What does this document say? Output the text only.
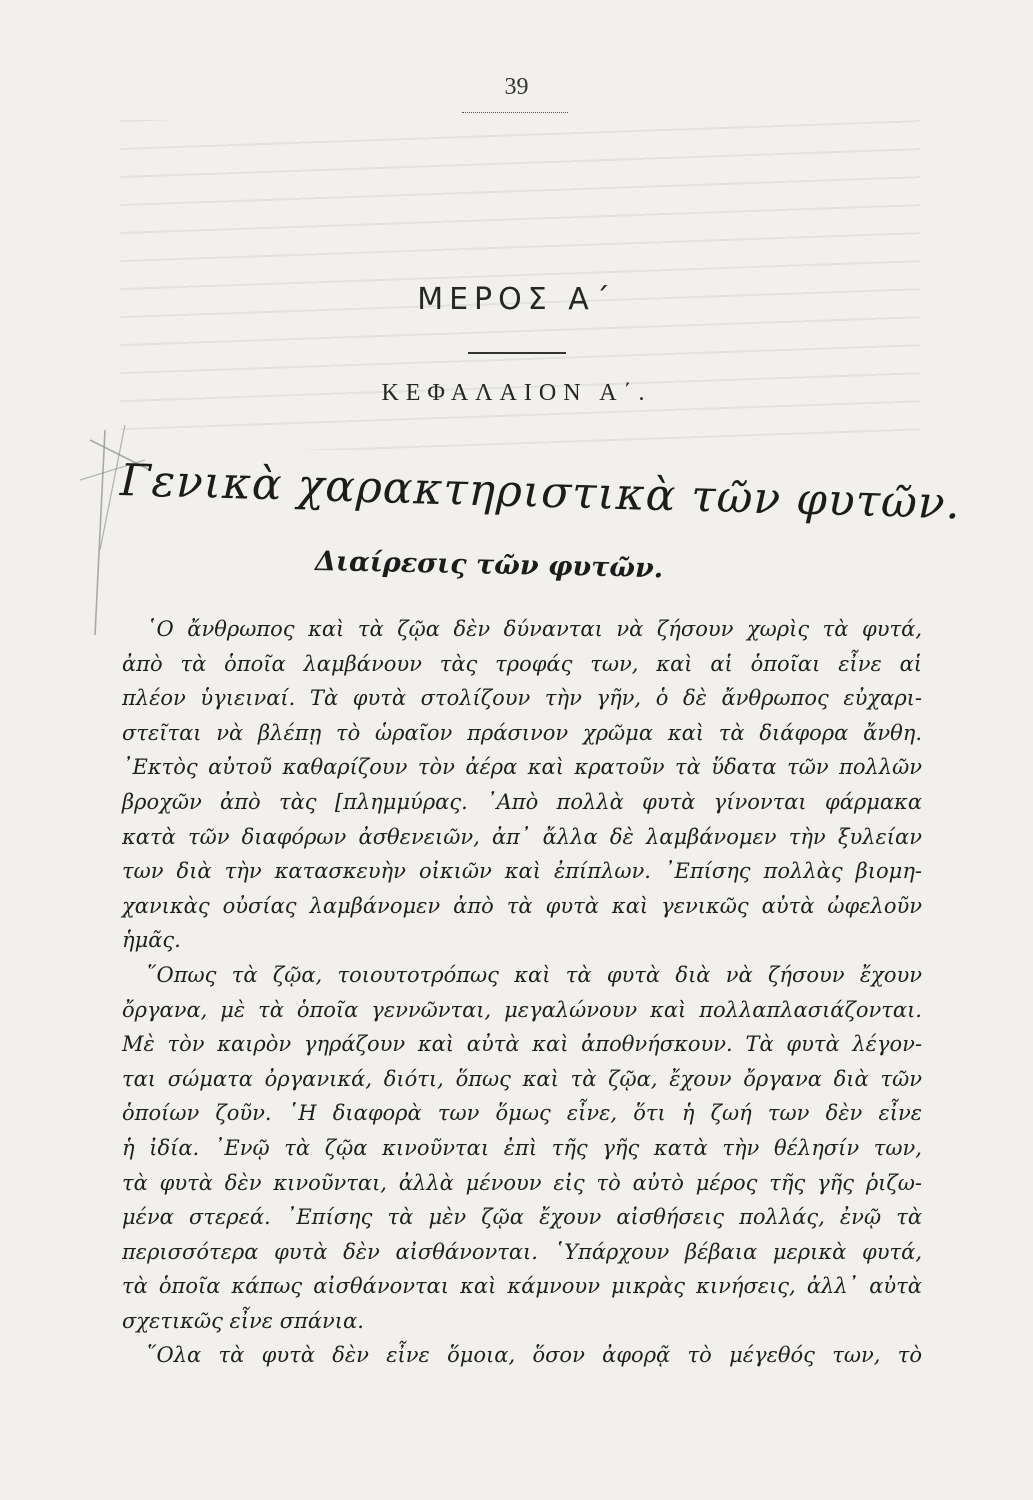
39
ΜΕΡΟΣ Α΄
ΚΕΦΑΛΑΙΟΝ Α΄.
Γενικὰ χαρακτηριστικὰ τῶν φυτῶν.
Διαίρεσις τῶν φυτῶν.
῾Ο ἄνθρωπος καὶ τὰ ζῷα δὲν δύνανται νὰ ζήσουν χωρὶς τὰ φυτά,
ἀπὸ τὰ ὁποῖα λαμβάνουν τὰς τροφάς των, καὶ αἱ ὁποῖαι εἶνε αἱ
πλέον ὑγιειναί. Τὰ φυτὰ στολίζουν τὴν γῆν, ὁ δὲ ἄνθρωπος εὐχαρι-
στεῖται νὰ βλέπῃ τὸ ὡραῖον πράσινον χρῶμα καὶ τὰ διάφορα ἄνθη.
᾿Εκτὸς αὐτοῦ καθαρίζουν τὸν ἀέρα καὶ κρατοῦν τὰ ὕδατα τῶν πολλῶν
βροχῶν ἀπὸ τὰς [πλημμύρας. ᾿Απὸ πολλὰ φυτὰ γίνονται φάρμακα
κατὰ τῶν διαφόρων ἀσθενειῶν, ἀπ᾿ ἄλλα δὲ λαμβάνομεν τὴν ξυλείαν
των διὰ τὴν κατασκευὴν οἰκιῶν καὶ ἐπίπλων. ᾿Επίσης πολλὰς βιομη-
χανικὰς οὐσίας λαμβάνομεν ἀπὸ τὰ φυτὰ καὶ γενικῶς αὐτὰ ὠφελοῦν
ἡμᾶς.
῞Οπως τὰ ζῷα, τοιουτοτρόπως καὶ τὰ φυτὰ διὰ νὰ ζήσουν ἔχουν
ὄργανα, μὲ τὰ ὁποῖα γεννῶνται, μεγαλώνουν καὶ πολλαπλασιάζονται.
Μὲ τὸν καιρὸν γηράζουν καὶ αὐτὰ καὶ ἀποθνήσκουν. Τὰ φυτὰ λέγον-
ται σώματα ὀργανικά, διότι, ὅπως καὶ τὰ ζῷα, ἔχουν ὄργανα διὰ τῶν
ὁποίων ζοῦν. ῾Η διαφορὰ των ὅμως εἶνε, ὅτι ἡ ζωή των δὲν εἶνε
ἡ ἰδία. ᾿Ενῷ τὰ ζῷα κινοῦνται ἐπὶ τῆς γῆς κατὰ τὴν θέλησίν των,
τὰ φυτὰ δὲν κινοῦνται, ἀλλὰ μένουν εἰς τὸ αὐτὸ μέρος τῆς γῆς ῥιζω-
μένα στερεά. ᾿Επίσης τὰ μὲν ζῷα ἔχουν αἰσθήσεις πολλάς, ἐνῷ τὰ
περισσότερα φυτὰ δὲν αἰσθάνονται. ῾Υπάρχουν βέβαια μερικὰ φυτά,
τὰ ὁποῖα κάπως αἰσθάνονται καὶ κάμνουν μικρὰς κινήσεις, ἀλλ᾿ αὐτὰ
σχετικῶς εἶνε σπάνια.
῞Ολα τὰ φυτὰ δὲν εἶνε ὅμοια, ὅσον ἀφορᾷ τὸ μέγεθός των, τὸ
